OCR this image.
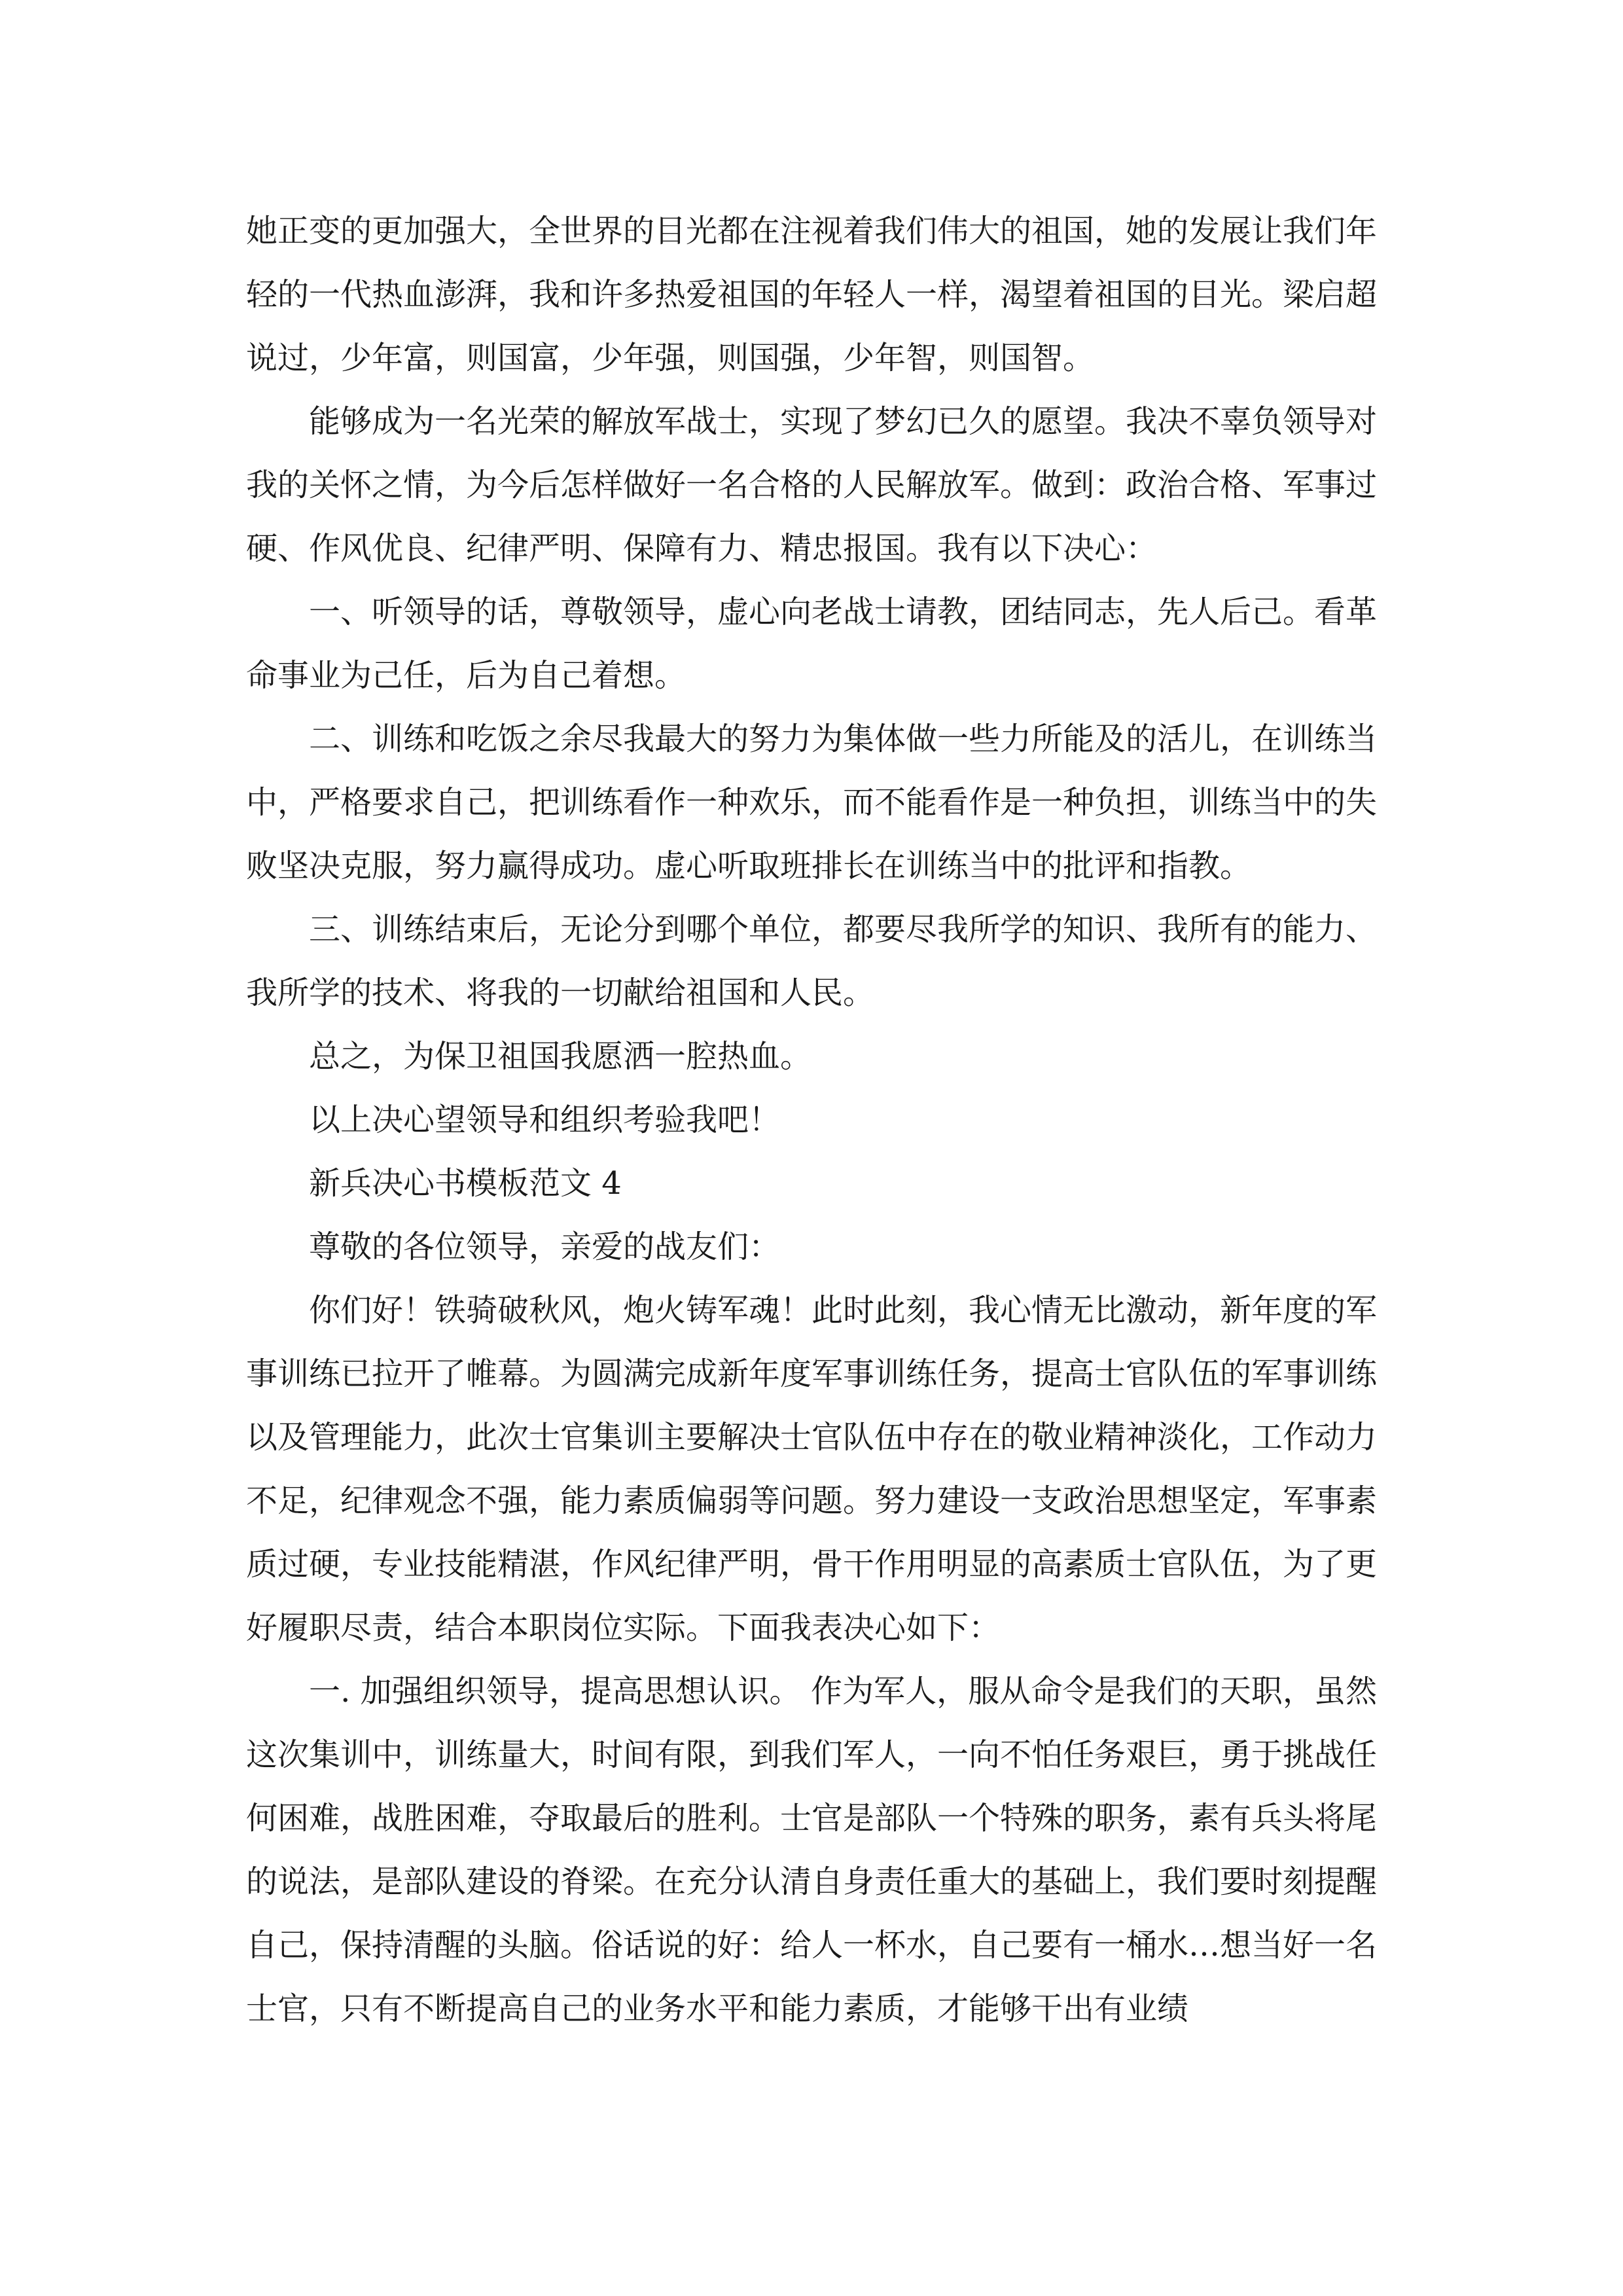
她正变的更加强大，全世界的目光都在注视着我们伟大的祖国，她的发展让我们年轻的一代热血澎湃，我和许多热爱祖国的年轻人一样，渴望着祖国的目光。梁启超说过，少年富，则国富，少年强，则国强，少年智，则国智。

能够成为一名光荣的解放军战士，实现了梦幻已久的愿望。我决不辜负领导对我的关怀之情，为今后怎样做好一名合格的人民解放军。做到：政治合格、军事过硬、作风优良、纪律严明、保障有力、精忠报国。我有以下决心：

一、听领导的话，尊敬领导，虚心向老战士请教，团结同志，先人后己。看革命事业为己任，后为自己着想。

二、训练和吃饭之余尽我最大的努力为集体做一些力所能及的活儿，在训练当中，严格要求自己，把训练看作一种欢乐，而不能看作是一种负担，训练当中的失败坚决克服，努力赢得成功。虚心听取班排长在训练当中的批评和指教。

三、训练结束后，无论分到哪个单位，都要尽我所学的知识、我所有的能力、我所学的技术、将我的一切献给祖国和人民。

总之，为保卫祖国我愿洒一腔热血。

以上决心望领导和组织考验我吧！

新兵决心书模板范文 4

尊敬的各位领导，亲爱的战友们：

你们好！铁骑破秋风，炮火铸军魂！此时此刻，我心情无比激动，新年度的军事训练已拉开了帷幕。为圆满完成新年度军事训练任务，提高士官队伍的军事训练以及管理能力，此次士官集训主要解决士官队伍中存在的敬业精神淡化，工作动力不足，纪律观念不强，能力素质偏弱等问题。努力建设一支政治思想坚定，军事素质过硬，专业技能精湛，作风纪律严明，骨干作用明显的高素质士官队伍，为了更好履职尽责，结合本职岗位实际。下面我表决心如下：

一. 加强组织领导，提高思想认识。 作为军人，服从命令是我们的天职，虽然这次集训中，训练量大，时间有限，到我们军人，一向不怕任务艰巨，勇于挑战任何困难，战胜困难，夺取最后的胜利。士官是部队一个特殊的职务，素有兵头将尾的说法，是部队建设的脊梁。在充分认清自身责任重大的基础上，我们要时刻提醒自己，保持清醒的头脑。俗话说的好：给人一杯水，自己要有一桶水…想当好一名士官，只有不断提高自己的业务水平和能力素质，才能够干出有业绩
